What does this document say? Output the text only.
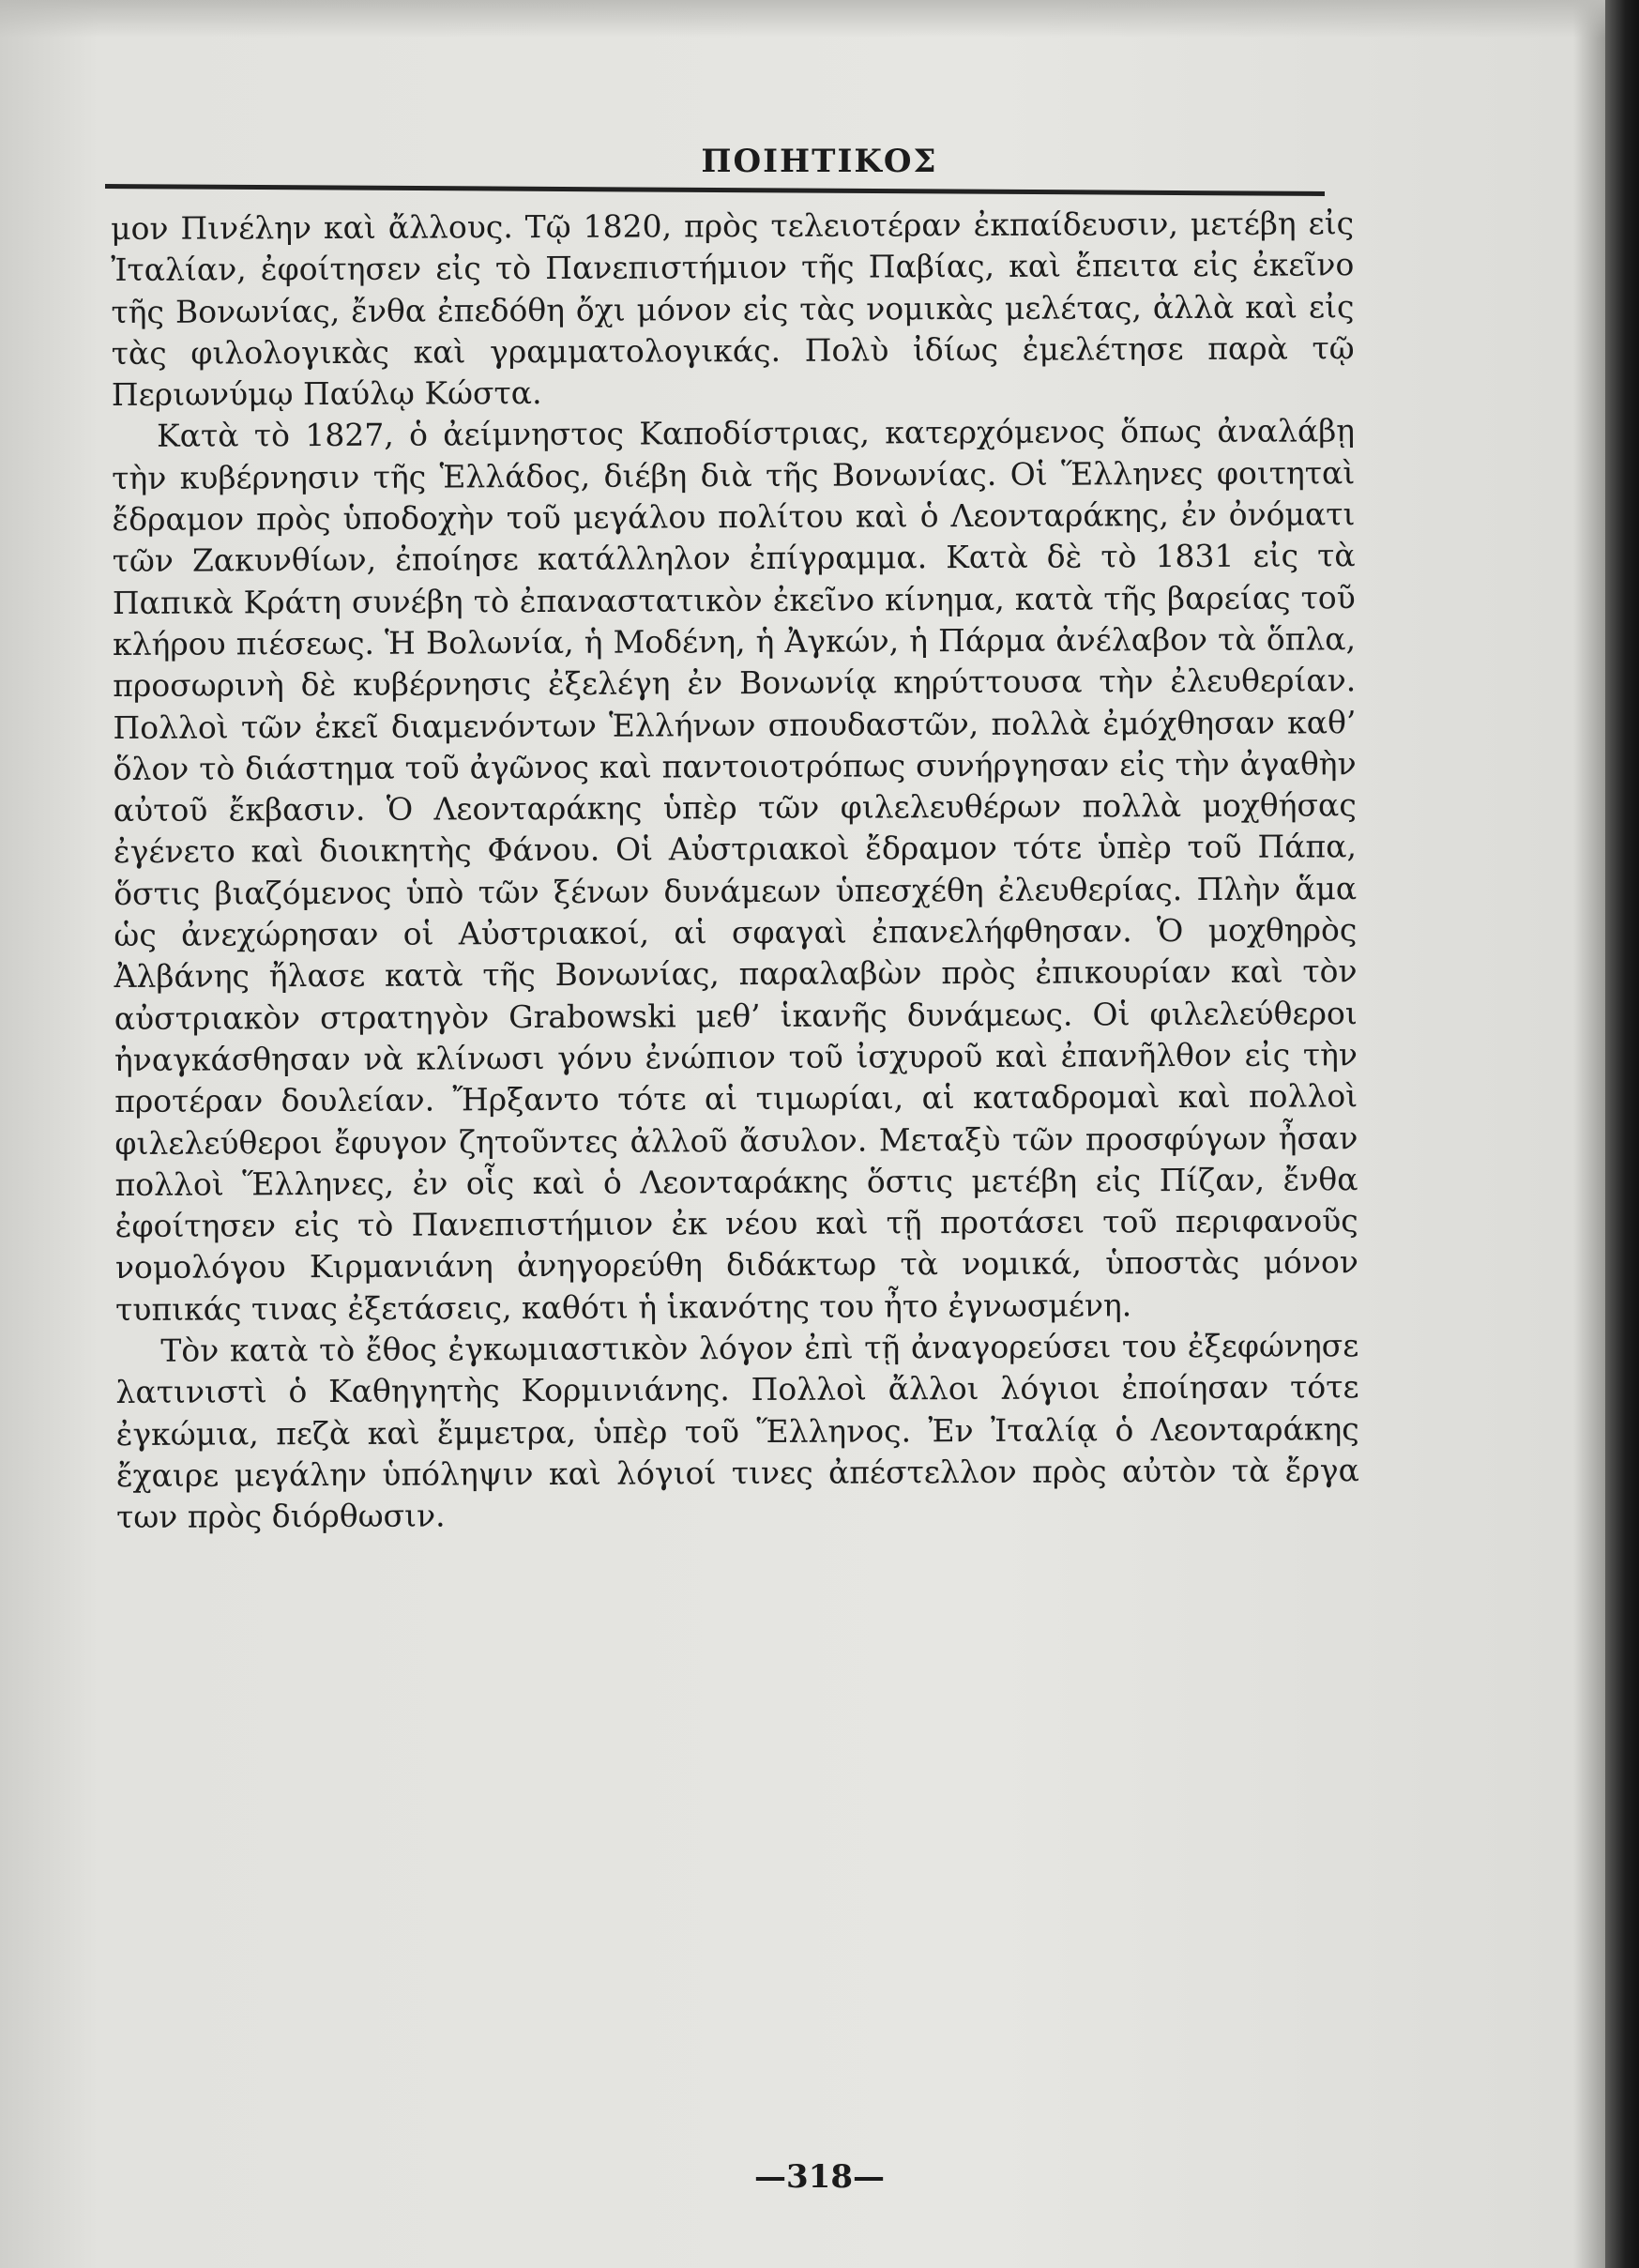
ΠΟΙΗΤΙΚΟΣ

μον Πινέλην καὶ ἄλλους. Τῷ 1820, πρὸς τελειοτέραν ἐκπαίδευσιν, μετέβη εἰς Ἰταλίαν, ἐφοίτησεν εἰς τὸ Πανεπιστήμιον τῆς Παβίας, καὶ ἔπειτα εἰς ἐκεῖνο τῆς Βονωνίας, ἔνθα ἐπεδόθη ὄχι μόνον εἰς τὰς νομικὰς μελέτας, ἀλλὰ καὶ εἰς τὰς φιλολογικὰς καὶ γραμματολογικάς. Πολὺ ἰδίως ἐμελέτησε παρὰ τῷ Περιωνύμῳ Παύλῳ Κώστα.

Κατὰ τὸ 1827, ὁ ἀείμνηστος Καποδίστριας, κατερχόμενος ὅπως ἀναλάβῃ τὴν κυβέρνησιν τῆς Ἑλλάδος, διέβη διὰ τῆς Βονωνίας. Οἱ Ἕλληνες φοιτηταὶ ἔδραμον πρὸς ὑποδοχὴν τοῦ μεγάλου πολίτου καὶ ὁ Λεονταράκης, ἐν ὀνόματι τῶν Ζακυνθίων, ἐποίησε κατάλληλον ἐπίγραμμα. Κατὰ δὲ τὸ 1831 εἰς τὰ Παπικὰ Κράτη συνέβη τὸ ἐπαναστατικὸν ἐκεῖνο κίνημα, κατὰ τῆς βαρείας τοῦ κλήρου πιέσεως. Ἡ Βολωνία, ἡ Μοδένη, ἡ Ἀγκών, ἡ Πάρμα ἀνέλαβον τὰ ὅπλα, προσωρινὴ δὲ κυβέρνησις ἐξελέγη ἐν Βονωνίᾳ κηρύττουσα τὴν ἐλευθερίαν. Πολλοὶ τῶν ἐκεῖ διαμενόντων Ἑλλήνων σπουδαστῶν, πολλὰ ἐμόχθησαν καθ’ ὅλον τὸ διάστημα τοῦ ἀγῶνος καὶ παντοιοτρόπως συνήργησαν εἰς τὴν ἀγαθὴν αὐτοῦ ἔκβασιν. Ὁ Λεονταράκης ὑπὲρ τῶν φιλελευθέρων πολλὰ μοχθήσας ἐγένετο καὶ διοικητὴς Φάνου. Οἱ Αὐστριακοὶ ἔδραμον τότε ὑπὲρ τοῦ Πάπα, ὅστις βιαζόμενος ὑπὸ τῶν ξένων δυνάμεων ὑπεσχέθη ἐλευθερίας. Πλὴν ἅμα ὡς ἀνεχώρησαν οἱ Αὐστριακοί, αἱ σφαγαὶ ἐπανελήφθησαν. Ὁ μοχθηρὸς Ἀλβάνης ἤλασε κατὰ τῆς Βονωνίας, παραλαβὼν πρὸς ἐπικουρίαν καὶ τὸν αὐστριακὸν στρατηγὸν Grabowski μεθ’ ἱκανῆς δυνάμεως. Οἱ φιλελεύθεροι ἠναγκάσθησαν νὰ κλίνωσι γόνυ ἐνώπιον τοῦ ἰσχυροῦ καὶ ἐπανῆλθον εἰς τὴν προτέραν δουλείαν. Ἤρξαντο τότε αἱ τιμωρίαι, αἱ καταδρομαὶ καὶ πολλοὶ φιλελεύθεροι ἔφυγον ζητοῦντες ἀλλοῦ ἄσυλον. Μεταξὺ τῶν προσφύγων ἦσαν πολλοὶ Ἕλληνες, ἐν οἷς καὶ ὁ Λεονταράκης ὅστις μετέβη εἰς Πίζαν, ἔνθα ἐφοίτησεν εἰς τὸ Πανεπιστήμιον ἐκ νέου καὶ τῇ προτάσει τοῦ περιφανοῦς νομολόγου Κιρμανιάνη ἀνηγορεύθη διδάκτωρ τὰ νομικά, ὑποστὰς μόνον τυπικάς τινας ἐξετάσεις, καθότι ἡ ἱκανότης του ἦτο ἐγνωσμένη.

Τὸν κατὰ τὸ ἔθος ἐγκωμιαστικὸν λόγον ἐπὶ τῇ ἀναγορεύσει του ἐξεφώνησε λατινιστὶ ὁ Καθηγητὴς Κορμινιάνης. Πολλοὶ ἄλλοι λόγιοι ἐποίησαν τότε ἐγκώμια, πεζὰ καὶ ἔμμετρα, ὑπὲρ τοῦ Ἕλληνος. Ἐν Ἰταλίᾳ ὁ Λεονταράκης ἔχαιρε μεγάλην ὑπόληψιν καὶ λόγιοί τινες ἀπέστελλον πρὸς αὐτὸν τὰ ἔργα των πρὸς διόρθωσιν.

—318—
